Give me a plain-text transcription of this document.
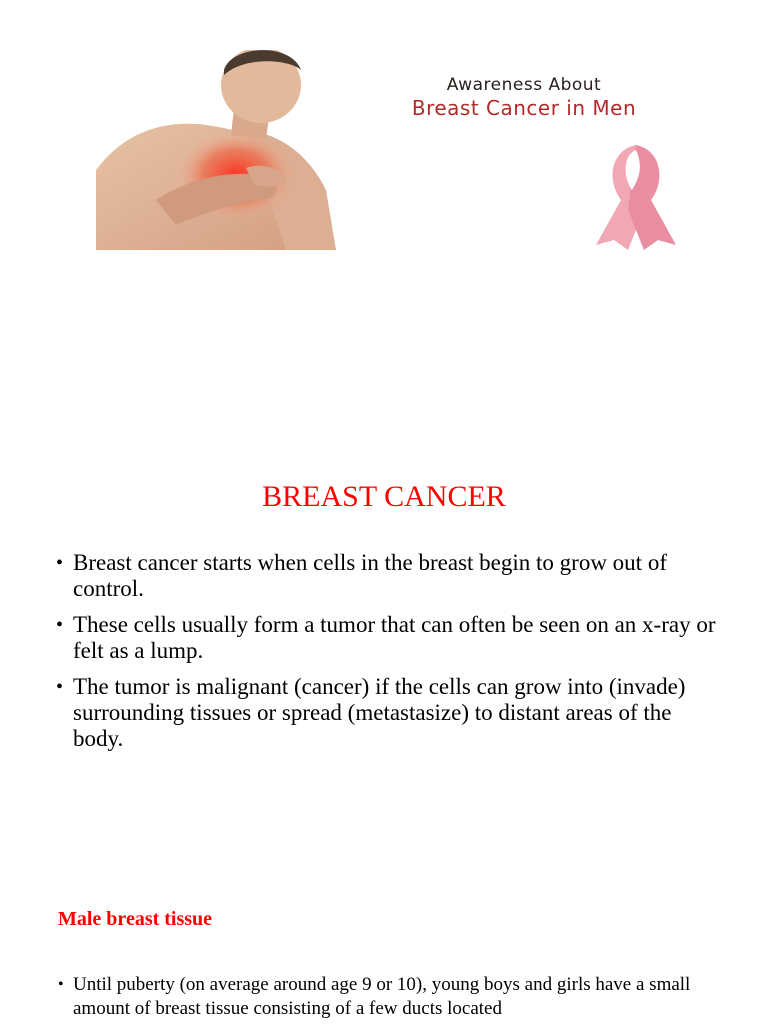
Awareness About
Breast Cancer in Men
BREAST CANCER
• Breast cancer starts when cells in the breast begin to grow out of control.
• These cells usually form a tumor that can often be seen on an x-ray or felt as a lump.
• The tumor is malignant (cancer) if the cells can grow into (invade) surrounding tissues or spread (metastasize) to distant areas of the body.
Male breast tissue
• Until puberty (on average around age 9 or 10), young boys and girls have a small amount of breast tissue consisting of a few ducts located
